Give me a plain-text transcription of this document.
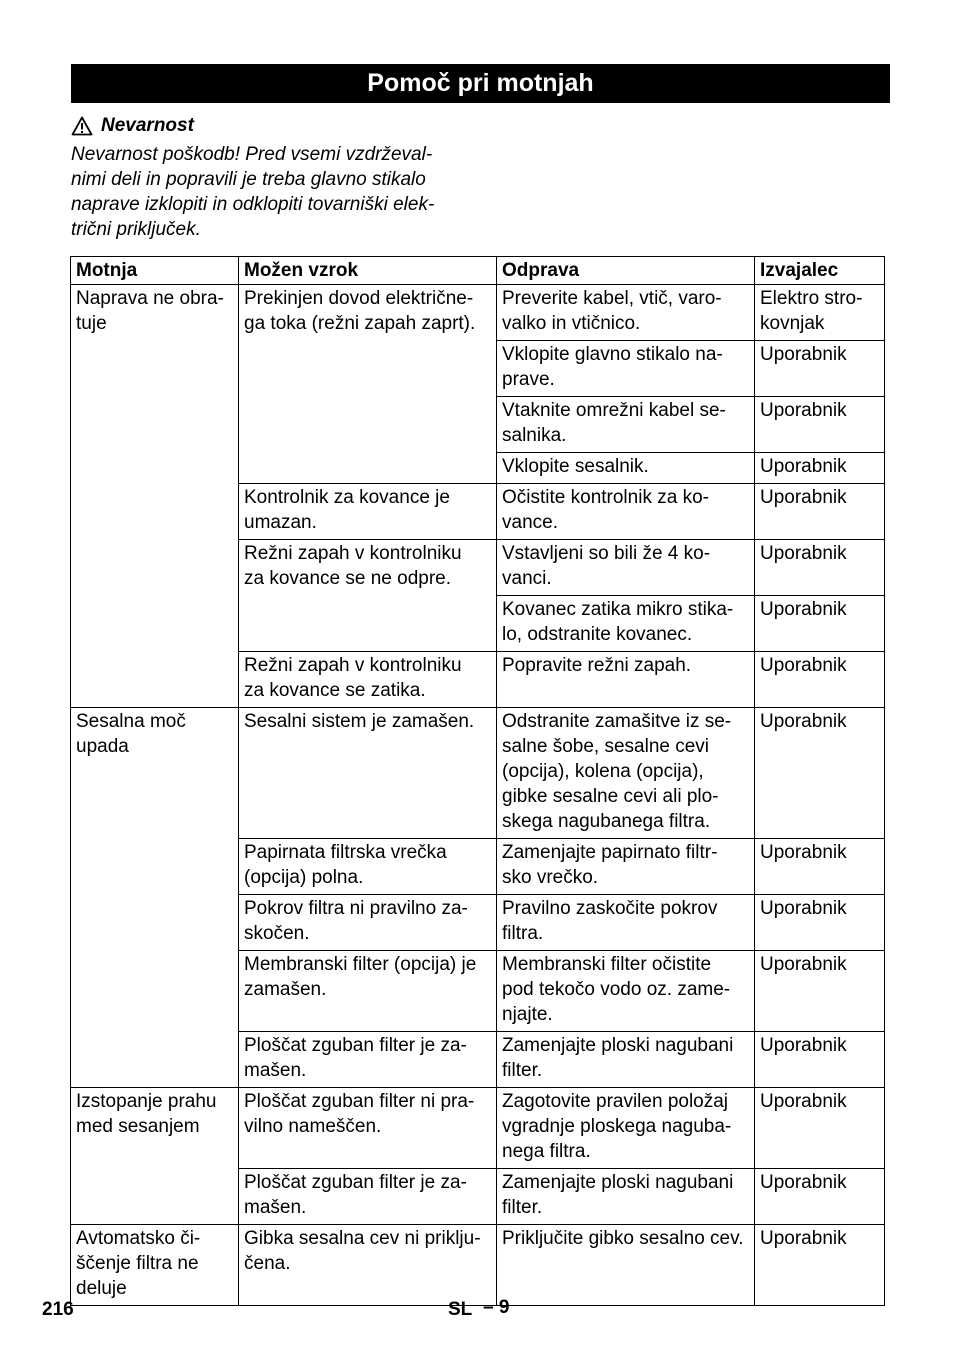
Pomoč pri motnjah
Nevarnost
Nevarnost poškodb! Pred vsemi vzdrževal-
nimi deli in popravili je treba glavno stikalo
naprave izklopiti in odklopiti tovarniški elek-
trični priključek.
Motnja	Možen vzrok	Odprava	Izvajalec

Naprava ne obra-
tuje	Prekinjen dovod električne-
ga toka (režni zapah zaprt).	Preverite kabel, vtič, varo-
valko in vtičnico.	Elektro stro-
kovnjak

		Vklopite glavno stikalo na-
prave.	Uporabnik

		Vtaknite omrežni kabel se-
salnika.	Uporabnik

		Vklopite sesalnik.	Uporabnik

	Kontrolnik za kovance je
umazan.	Očistite kontrolnik za ko-
vance.	Uporabnik

	Režni zapah v kontrolniku
za kovance se ne odpre.	Vstavljeni so bili že 4 ko-
vanci.	Uporabnik

		Kovanec zatika mikro stika-
lo, odstranite kovanec.	Uporabnik

	Režni zapah v kontrolniku
za kovance se zatika.	Popravite režni zapah.	Uporabnik

Sesalna moč
upada	Sesalni sistem je zamašen.	Odstranite zamašitve iz se-
salne šobe, sesalne cevi
(opcija), kolena (opcija),
gibke sesalne cevi ali plo-
skega nagubanega filtra.	Uporabnik

	Papirnata filtrska vrečka
(opcija) polna.	Zamenjajte papirnato filtr-
sko vrečko.	Uporabnik

	Pokrov filtra ni pravilno za-
skočen.	Pravilno zaskočite pokrov
filtra.	Uporabnik

	Membranski filter (opcija) je
zamašen.	Membranski filter očistite
pod tekočo vodo oz. zame-
njajte.	Uporabnik

	Ploščat zguban filter je za-
mašen.	Zamenjajte ploski nagubani
filter.	Uporabnik

Izstopanje prahu
med sesanjem	Ploščat zguban filter ni pra-
vilno nameščen.	Zagotovite pravilen položaj
vgradnje ploskega naguba-
nega filtra.	Uporabnik

	Ploščat zguban filter je za-
mašen.	Zamenjajte ploski nagubani
filter.	Uporabnik

Avtomatsko či-
ščenje filtra ne
deluje	Gibka sesalna cev ni priklju-
čena.	Priključite gibko sesalno cev.	Uporabnik
216	SL – 9
